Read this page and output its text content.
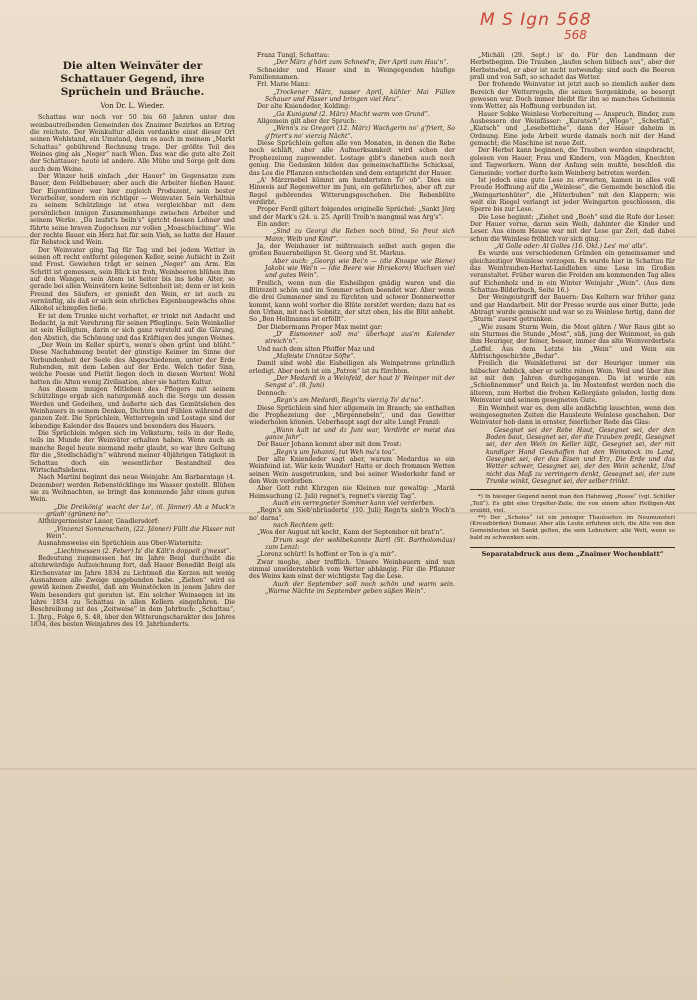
M S Ign 568
568
Die alten Weinväter der Schattauer Gegend, ihre Sprüchein und Bräuche.
Von Dr. L. Wieder.

Schattau war noch vor 50 bis 60 Jahren unter den weinbautreibenden Gemeinden des Znaimer Bezirkes an Ertrag die reichste. Der Weinkultur allein verdankte einst dieser Ort seinen Wohlstand, ein Umstand, dem es auch in meinem „Markt Schattau“ gebührend Rechnung trage. Der größte Teil des Weines ging als „Neger“ nach Wien. Das war die gute alte Zeit der Schattauer; heute ist andere. Alle Mühe und Sorge gelt dem auch dem Weine.

Der Winzer heiß einfach „der Hauer“ im Gegensatze zum Bauer, dem Feldbebauer; aber auch die Arbeiter hießen Hauer. Der Eigentümer war hier zugleich Produzent, sein bester Verarbeiter, sondern ein richtiger — Weinvater. Sein Verhältnis zu seinem Schützlinge ist etwa vergleichbar mit dem persönlichen innigen Zusammenhange zwischen Arbeiter und seinem Werke. „Da laufst's beiln's“ spricht dessen Lohner und führte seine braven Zugochsen zur vollen „Moaschösching“. Wie der rechte Bauer ein Herz hat für sein Vieh, so hatte der Hauer für Rebstock und Wein.

Der Weinvater ging Tag für Tag und bei jedem Wetter in seinen oft recht entfernt gelegenen Keller, seine Aufsicht in Zeit und Frost. Gewiehen trägt er seinen „Neger“ am Arm. Ein Schritt ist gemessen, sein Blick ist froh, Weinbeeren blühen ihm auf den Wangen, sein Atem ist heiter bis ins hohe Alter, so gerade bei allen Weinvätern keine Seltenheit ist; denn er ist kein Freund des Säufers, er genießt den Wein, er ist auch zu vernünftig, als daß er sich sein ehrliches Eigenbaugewächs ohne Alkohol schimpfen ließe.

Er ist dem Trunke nicht verhaftet, er trinkt mit Andacht und Bedacht, ja mit Verehrung für seinen Pfleglinge. Sein Weinkeller ist sein Heiligtum, darin er sich ganz versteht auf die Gärung, den Abstich, die Schönung und das Kräftigen des jungen Weines.

„Der Wein im Keller spürt's, wenn's oben grünt und blüht.“ Diese Nachahmung beutet der günstige Keimer im Sinne der Verbundenheit der Seele des Abgeschiedenen, unter der Erde Ruhenden, mit dem Leben auf der Erde. Welch tiefer Sinn, welche Poesie und Pietät liegen doch in diesen Worten! Wohl hatten die Alten wenig Zivilisation, aber sie hatten Kultur.

Aus diesem innigen Mitleben des Pflegers mit seinem Schützlinge ergab sich naturgemäß auch die Sorge um dessen Werden und Gedeihen, und äußerte sich das Gemütsleben des Weinhauers in seinem Denken, Dichten und Fühlen während der ganzen Zeit. Die Sprüchlein, Wetterregeln und Lostage sind der lebendige Kalender des Bauers und besonders des Hauers.

Die Sprüchlein mögen sich im Volksturm, teils in der Rede, teils im Munde der Weinväter erhalten haben. Wenn auch an manche Regel heute niemand mehr glaubt, so war ihre Geltung für die „Stedlschädig'n“ während meiner 40jährigen Tätigkeit in Schattau doch ein wesentlicher Bestandteil des Wirtschaftslebens.

Nach Martini beginnt das neue Weinjahr. Am Barbaratage (4. Dezember) werden Rebenstöcklinge ins Wasser gestellt. Blühen sie zu Weihnachten, so bringt das kommende Jahr einen guten Wein.

„Die Dreikönig' wacht der Lo', (6. Jänner) Ah a Muck'n grüah' (grünen) no“.

Althürgermeister Lauer, Gnadlersdorf:

„Vinzenzi Sonnenschein, (22. Jänner) Füllt die Fässer mit Wein“.

Ausnahmsweise ein Sprüchlein aus Ober-Wisternitz:

„Liechtmessen (2. Feber) Is' die Kält'n doppelt g'messt“.

Bedeutung zugemessen hat im Jahre Beigl durchsibt die altehrwürdige Aufzeichnung fort, daß Hauer Benedikt Beigl als Kirchenvater im Jahre 1834 zu Lichtmeß die Kerzen mit wenig Ausnahmen alle Zweige umgebunden habe. „Ziehen“ wird es gewiß keinen Zweifel, daß am Weinstöcken in jenem Jahre der Wein besonders gut geraten ist. Ein solcher Weinsegen ist im Jahre 1834 zu Schattau in allen Kellern eingefahren. Die Beschreibung ist des „Zeitweise“ in dem Jahrbuch: „Schattau“, 1. Jhrg., Folge 6, S. 48, über den Witterungscharakter des Jahres 1834, des besten Weinjahres des 19. Jahrhunderts.

Franz Tungl, Schattau:

„Der März g'hört zum Schneid'n, Der April zum Hau'n“.

Schneider und Hauer sind in Weingegenden häufige Familiennamen.

Frl. Marie Manz:

„Trockener März, nasser April, kühler Mai Füllen Schauer und Fässer und bringen viel Heu“.

Der alte Kniendeder, Kolding:

„Ga Kunigund (2. März) Macht warm von Grund“.

Allgemein gilt aber der Spruch:

„Wenn's zu Gregori (12. März) Wachgerin no' g'friert, So g'friert's no' vierzig Nächt“.

Diese Sprüchlein gelten alle von Monaten, in denen die Rebe noch schläft, aber alle Aufmerksamkeit wird schon der Prophezeiung zugewendet. Lostage gibt's daneben auch noch genug. Die Gedanken bilden das gemeinschaftliche Schicksal, das Los die Pflanzen entscheiden und dem entspricht der Hauer.

„A' Märzrnebel kümmt am hundertsten To' ob“. Dies ein Hinweis auf Regenwetter im Juni, ein gefährliches, aber oft zur Regel gehörendes Witterungsgeschehen. Die Rebenblüte verdirbt.

Proper Ferdl giltert folgendes originelle Sprüchel: „Sankt Jörg und der Mark's (24. u. 25. April) Treib'n mangmal was Arg's“.

Ein ander:

„Sind zu Georgi die Reben noch blind, So freut sich Mann, Weib und Kind“.

Ja, der Weinhauer ist mißtrauisch selbst auch gegen die großen Bauernheiligen St. Georg und St. Markus.

Aber auch: „Georgi wie Bei'n — (die Knospe wie Biene) Jakobi wie Wei'n — (die Beere wie Hirsekorn) Wachsen viel und gutes Wein“.

Freilich, wenn nun die Eisheiligen gnädig waren und die Blütezeit schön und im Sommer schon beendet war. Aber wenn die drei Gummener sind zu fürchten und schwer Donnerwetter kommt, kann wohl vorher die Blüte zerstört werden; dazu hat es den Urban, mit nach Sobnitz, der sitzt oben, bis die Blüt anhebt. So „Bon Hollmanns ist erföllt“.

Der Diebermann Proper Max meint gar:

„D' Eismonner soll ma' überhapt aus'm Kalender streich'n“.

Und nach dem alten Pfeiffer Maz und

„Mafeiste Unnütze Söfte“.

Damit sind wohl die Eisheiligen als Weinpatrone gründlich erledigt. Aber noch ist ein „Patron“ ist zu fürchten.

„Der Medardi in a Weinfeld, der haut b' Weinper mit der Sengst a“. (8. Juni)

Dennoch:

„Regn's am Medardi, Regn'ts vierzig To' da'no“.

Diese Sprüchlein sind hier allgemein im Brauch; sie enthalten die Prophezeiung der „Mirgennebeln“, und das Gewitter wiederholen können. Ueberhaupt sagt der alte Lungl Franzl:

„Wann kalt ist und dz Juni war, Verdirbt er meist das ganze Jahr“.

Der Bauer Johann kommt aber mit dem Trost:

„Regn's um Johanni, tut Weh ma's toa“.

Der alte Kniendeder sagt aber, warum Medardus so ein Weinfeind ist. Wär kein Wunder! Hatte er doch frommen Wetten seinen Wein ausgetrunken, und bei seiner Wiederkehr fand er den Wein verdorben.

Aber Gott ruht Kürzgen nie Kleinen nur gewaltig: „Mariä Heimsuchung (2. Juli) regnet's, regnet's vierzig Tag“.

Auch ein verregneter Sommer kann viel verderben.

„Regn's am Sieb'nbrüaderta' (10. Juli) Regn'ts sieb'n Woch'n no' darna“.

nach Rechtem gelt:

„Wos der August nit kocht, Kann der September nit brat'n“.

D'rum sagt der wohlbekannte Bartl (St. Bartholomäus) zum Lenzl:

„Lorenz schürt! Is hoffent er Ton is g'a mir“.

Zwar moghe, aber trefflich. Unsere Weinbauern sind nun einmal unwiderstehlich vom Wetter abhängig. Für die Pflanzer des Weins kam einst der wichtigste Tag die Lese.

Auch der September soll noch schön und warm sein. „Warme Nächte im September geben süßen Wein“.

„Michäli (29. Sept.) is' do. Für den Landmann der Herbstbeginn. Die Trauben „laufen schon hübsch aus“, aber der Herbstnebel, er aber ist nicht notwendig: sind auch die Beeren prall und von Saft, so schadet das Wetter.

Der frohende Weinvater ist jetzt auch so ziemlich außer dem Bereich der Wetterregeln, die seinen Sorgenkinde, so besorgt gewesen war. Doch immer bleibt für ihn so manches Geheimnis vom Wetter, als Hoffnung verbunden ist.

Hauer Sobke Weinlese Vorbereitung — Anspruch, Binder, zum Ausbessern der Weinfässer: „Kuratsch“, „Wiege“, „Scherfaß“, „Kiatsch“ und „Lesebottiche“, dann der Hauer daheim in Ordnung. Eine jede Arbeit wurde damals noch mit der Hand gemacht; die Maschine ist neue Zeit.

Der Herbst kann beginnen, die Trauben werden eingebracht, gelesen von Hauer, Frau und Kindern, von Mägden, Knechten und Tagwerkern. Wann der Anfang sein mußte, beschloß die Gemeinde; vorher durfte kein Weinberg betreten werden.

Ist jedoch eine gute Lese zu erwarten, kamen in alles voll Freude Hoffnung auf die „Weinlese“, die Gemeinde beschloß die „Weingartenhüter“, die „Hüterbuben“ mit den Klappern; wie weit ein Riegel verlangt ist jeder Weingarten geschlossen, die Sperre bis zur Lese.

Die Lese beginnt: „Ziehet und „Boeh“ sind die Rufe der Leser. Der Hauer vorne, daran sein Weib, dahinter die Kinder und Leser. Aus einem Hause war mit der Lese gar Zeit, daß dabei schon die Weinlese fröhlich vor sich ging.

„Al Golle oder: Al Golles (16. Okt.) Les' mo' alls“.

Es wurde aus verschiedenen Gründen ein gemeinsamer und gleichzeitiger Weinlese verzogen. Es wurde hier in Schattau für das Weintrauben-Herbst-Landleben eine Lese im Großen veranstaltet. Früher waren die Freiden am kommenden Tag alles auf Eichenholz und in ein Winter Weinjahr „Wein“. (Aus dem Schattau-Bilderbuch, Seite 16.)

Der Weingeistgriff der Bauern: Das Keltern war früher ganz und gar Handarbeit. Mit der Presse wurde aus einer Butte, jede Abtragt wurde gemischt und war so zu Weinlese fertig, dann der „Sturm“ zuerst getrunken.

„Wie zusam Sturm Wein, die Most gährn / Wer Raus gibt so ein Sturmes die Stunde „Most“, süß, jung der Weinmost, es gab ihm Heuriger, der feiner, besser, immer das alte Weinverderbste „Leffel. Aus dem Letzte bis „Wein“ und Wein ein Abfrischgeschichte „Bedar“.

Freilich die Weinkletterei ist der Heuriger immer ein hübscher Anblick, aber er sollte reinen Wein. Weil und über ihm ist mit den Jahren durchgegangen. Da ist wurde ein „Schießnemmer“ und Reich ja. Im Mostenfest werden noch die älteren, zum Herbst die frohen Kellergäste geladen, lustig dem Weinvater und seinem gesegneten Gute.

Ein Weinheit war es, dem alle andächtig lauschten, wenn den weingesegneten Zeiten die Hausleute Weinlese geschahen. Der Weinvater hob dann in ernster, feierlicher Rede das Glas:

Gesegnet sei der Rebe Haut, Gesegnet sei, der den Boden baut, Gesegnet sei, der die Trauben preßt, Gesegnet sei, der den Wein im Keller läßt, Gesegnet sei, der mit kundiger Hand Geschaffen hat den Weinstock im Land, Gesegnet sei, der das Eisen und Erz, Die Erde und das Wetter schwer, Gesegnet sei, der den Wein schenkt, Und nicht das Maß zu verringern denkt, Gesegnet sei, der zum Trunke winkt, Gesegnet sei, der selber trinkt.

*) In hiesiger Gegend nennt man den Hahnweg „Rosse“ (vgl. Schiller „Tell“). Es gibt eine Urgelter-Zeile, die von einem alten Heiligen-Abt erzählt, viel.

**) Der „Scholes“ ist ein jenniger Thaulseiten im Neumunsteri (Kreuzbörden) Dumaur. Aber alle Leute erfuhren sich, die Alte von den Gemeinleuten ist Sankt gelten, die sein Lehnsherr, alle Welt, wenn so bald zu schwenken sein.

Separatabdruck aus dem „Znaimer Wochenblatt“
